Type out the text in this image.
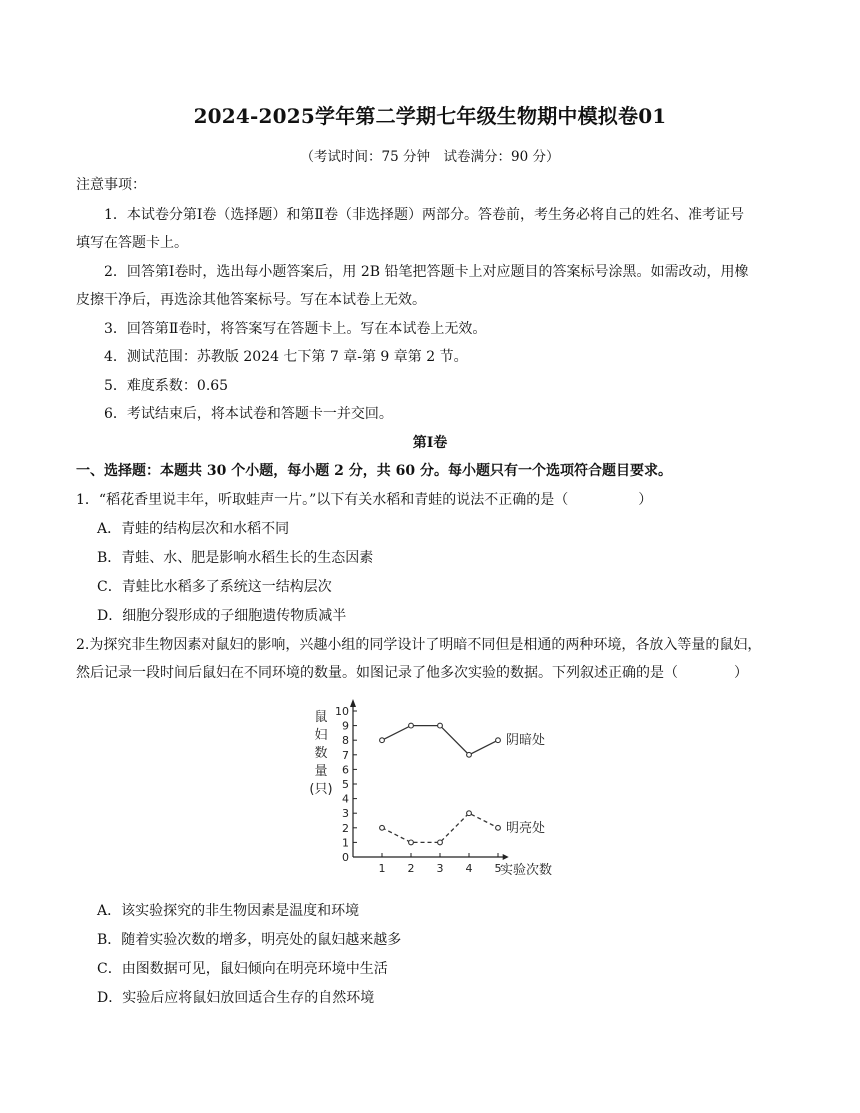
2024-2025学年第二学期七年级生物期中模拟卷01
（考试时间：75 分钟　试卷满分：90 分）
注意事项：
1．本试卷分第Ⅰ卷（选择题）和第Ⅱ卷（非选择题）两部分。答卷前，考生务必将自己的姓名、准考证号
填写在答题卡上。
2．回答第Ⅰ卷时，选出每小题答案后，用 2B 铅笔把答题卡上对应题目的答案标号涂黑。如需改动，用橡
皮擦干净后，再选涂其他答案标号。写在本试卷上无效。
3．回答第Ⅱ卷时，将答案写在答题卡上。写在本试卷上无效。
4．测试范围：苏教版 2024 七下第 7 章-第 9 章第 2 节。
5．难度系数：0.65
6．考试结束后，将本试卷和答题卡一并交回。
第Ⅰ卷
一、选择题：本题共 30 个小题，每小题 2 分，共 60 分。每小题只有一个选项符合题目要求。
1．“稻花香里说丰年，听取蛙声一片。”以下有关水稻和青蛙的说法不正确的是（　　　　　）
A．青蛙的结构层次和水稻不同
B．青蛙、水、肥是影响水稻生长的生态因素
C．青蛙比水稻多了系统这一结构层次
D．细胞分裂形成的子细胞遗传物质减半
2.为探究非生物因素对鼠妇的影响，兴趣小组的同学设计了明暗不同但是相通的两种环境，各放入等量的鼠妇，
然后记录一段时间后鼠妇在不同环境的数量。如图记录了他多次实验的数据。下列叙述正确的是（　　　　）
0
1
2
3
4
5
6
7
8
9
10
1 2 3 4 5
实验次数
鼠
妇
数
量
(只)
阴暗处
明亮处
A．该实验探究的非生物因素是温度和环境
B．随着实验次数的增多，明亮处的鼠妇越来越多
C．由图数据可见，鼠妇倾向在明亮环境中生活
D．实验后应将鼠妇放回适合生存的自然环境
